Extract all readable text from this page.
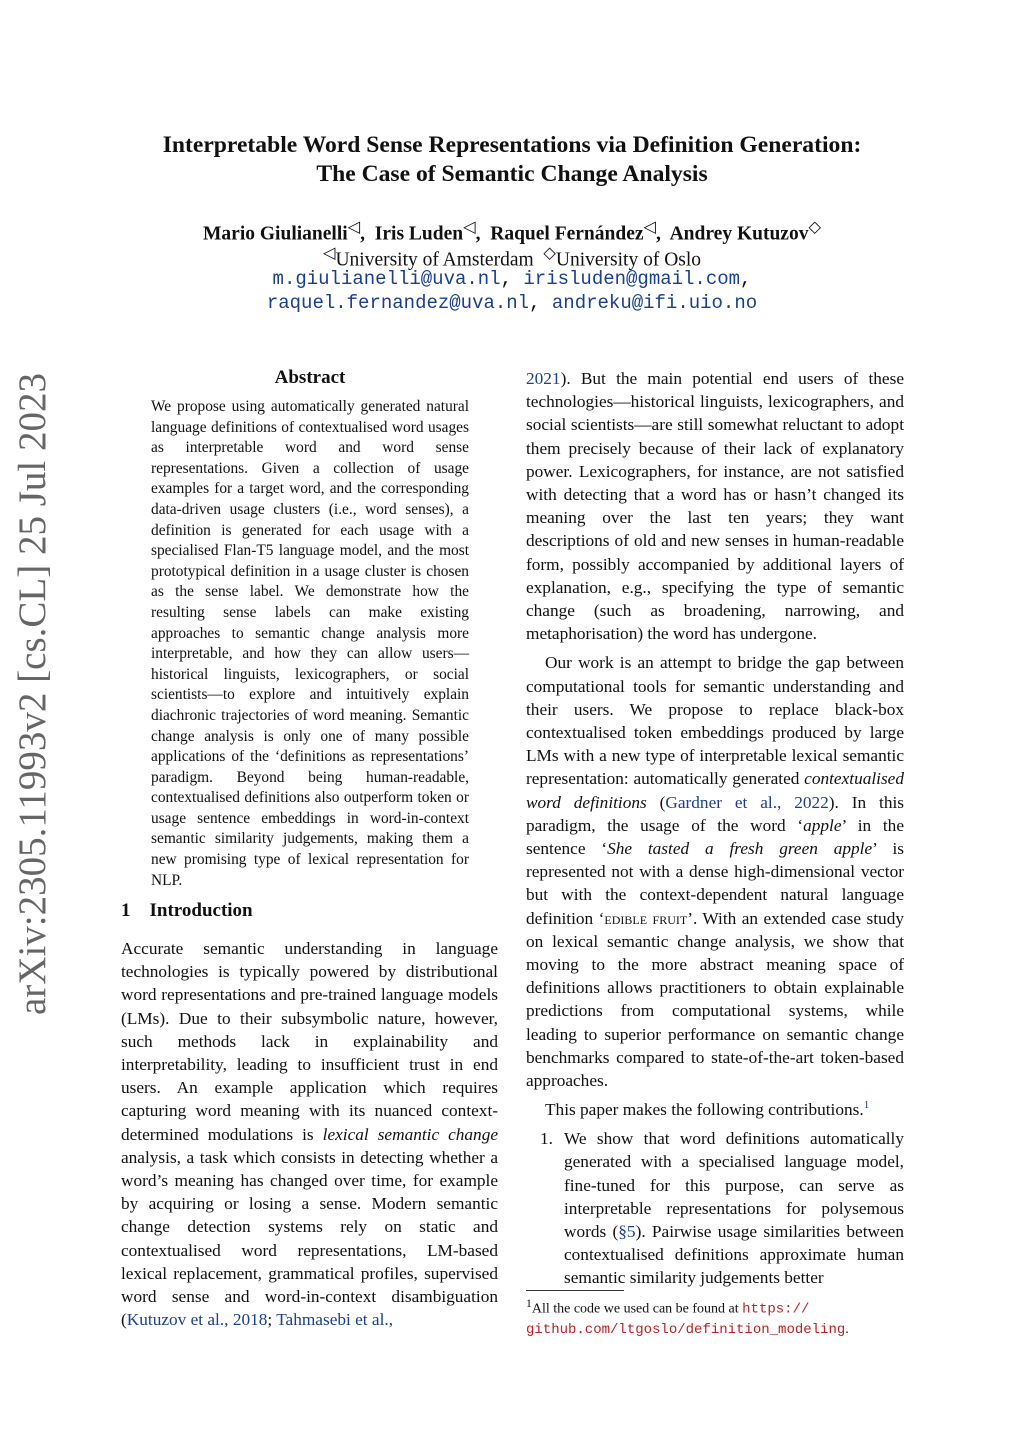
arXiv:2305.11993v2 [cs.CL] 25 Jul 2023
Interpretable Word Sense Representations via Definition Generation:
The Case of Semantic Change Analysis
Mario Giulianelli◁,  Iris Luden◁,  Raquel Fernández◁,  Andrey Kutuzov◇
◁University of Amsterdam ◇University of Oslo
m.giulianelli@uva.nl, irisluden@gmail.com,
raquel.fernandez@uva.nl, andreku@ifi.uio.no
Abstract
We propose using automatically generated natural language definitions of contextualised word usages as interpretable word and word sense representations. Given a collection of usage examples for a target word, and the corresponding data-driven usage clusters (i.e., word senses), a definition is generated for each usage with a specialised Flan-T5 language model, and the most prototypical definition in a usage cluster is chosen as the sense label. We demonstrate how the resulting sense labels can make existing approaches to semantic change analysis more interpretable, and how they can allow users—historical linguists, lexicographers, or social scientists—to explore and intuitively explain diachronic trajectories of word meaning. Semantic change analysis is only one of many possible applications of the ‘definitions as representations’ paradigm. Beyond being human-readable, contextualised definitions also outperform token or usage sentence embeddings in word-in-context semantic similarity judgements, making them a new promising type of lexical representation for NLP.
1 Introduction

Accurate semantic understanding in language technologies is typically powered by distributional word representations and pre-trained language models (LMs). Due to their subsymbolic nature, however, such methods lack in explainability and interpretability, leading to insufficient trust in end users. An example application which requires capturing word meaning with its nuanced context-determined modulations is lexical semantic change analysis, a task which consists in detecting whether a word’s meaning has changed over time, for example by acquiring or losing a sense. Modern semantic change detection systems rely on static and contextualised word representations, LM-based lexical replacement, grammatical profiles, supervised word sense and word-in-context disambiguation (Kutuzov et al., 2018; Tahmasebi et al.,

2021). But the main potential end users of these technologies—historical linguists, lexicographers, and social scientists—are still somewhat reluctant to adopt them precisely because of their lack of explanatory power. Lexicographers, for instance, are not satisfied with detecting that a word has or hasn’t changed its meaning over the last ten years; they want descriptions of old and new senses in human-readable form, possibly accompanied by additional layers of explanation, e.g., specifying the type of semantic change (such as broadening, narrowing, and metaphorisation) the word has undergone.

Our work is an attempt to bridge the gap between computational tools for semantic understanding and their users. We propose to replace black-box contextualised token embeddings produced by large LMs with a new type of interpretable lexical semantic representation: automatically generated contextualised word definitions (Gardner et al., 2022). In this paradigm, the usage of the word ‘apple’ in the sentence ‘She tasted a fresh green apple’ is represented not with a dense high-dimensional vector but with the context-dependent natural language definition ‘edible fruit’. With an extended case study on lexical semantic change analysis, we show that moving to the more abstract meaning space of definitions allows practitioners to obtain explainable predictions from computational systems, while leading to superior performance on semantic change benchmarks compared to state-of-the-art token-based approaches.

This paper makes the following contributions.$^1$

1. We show that word definitions automatically generated with a specialised language model, fine-tuned for this purpose, can serve as interpretable representations for polysemous words (§5). Pairwise usage similarities between contextualised definitions approximate human semantic similarity judgements better
$^1$All the code we used can be found at https://
github.com/ltgoslo/definition_modeling.
